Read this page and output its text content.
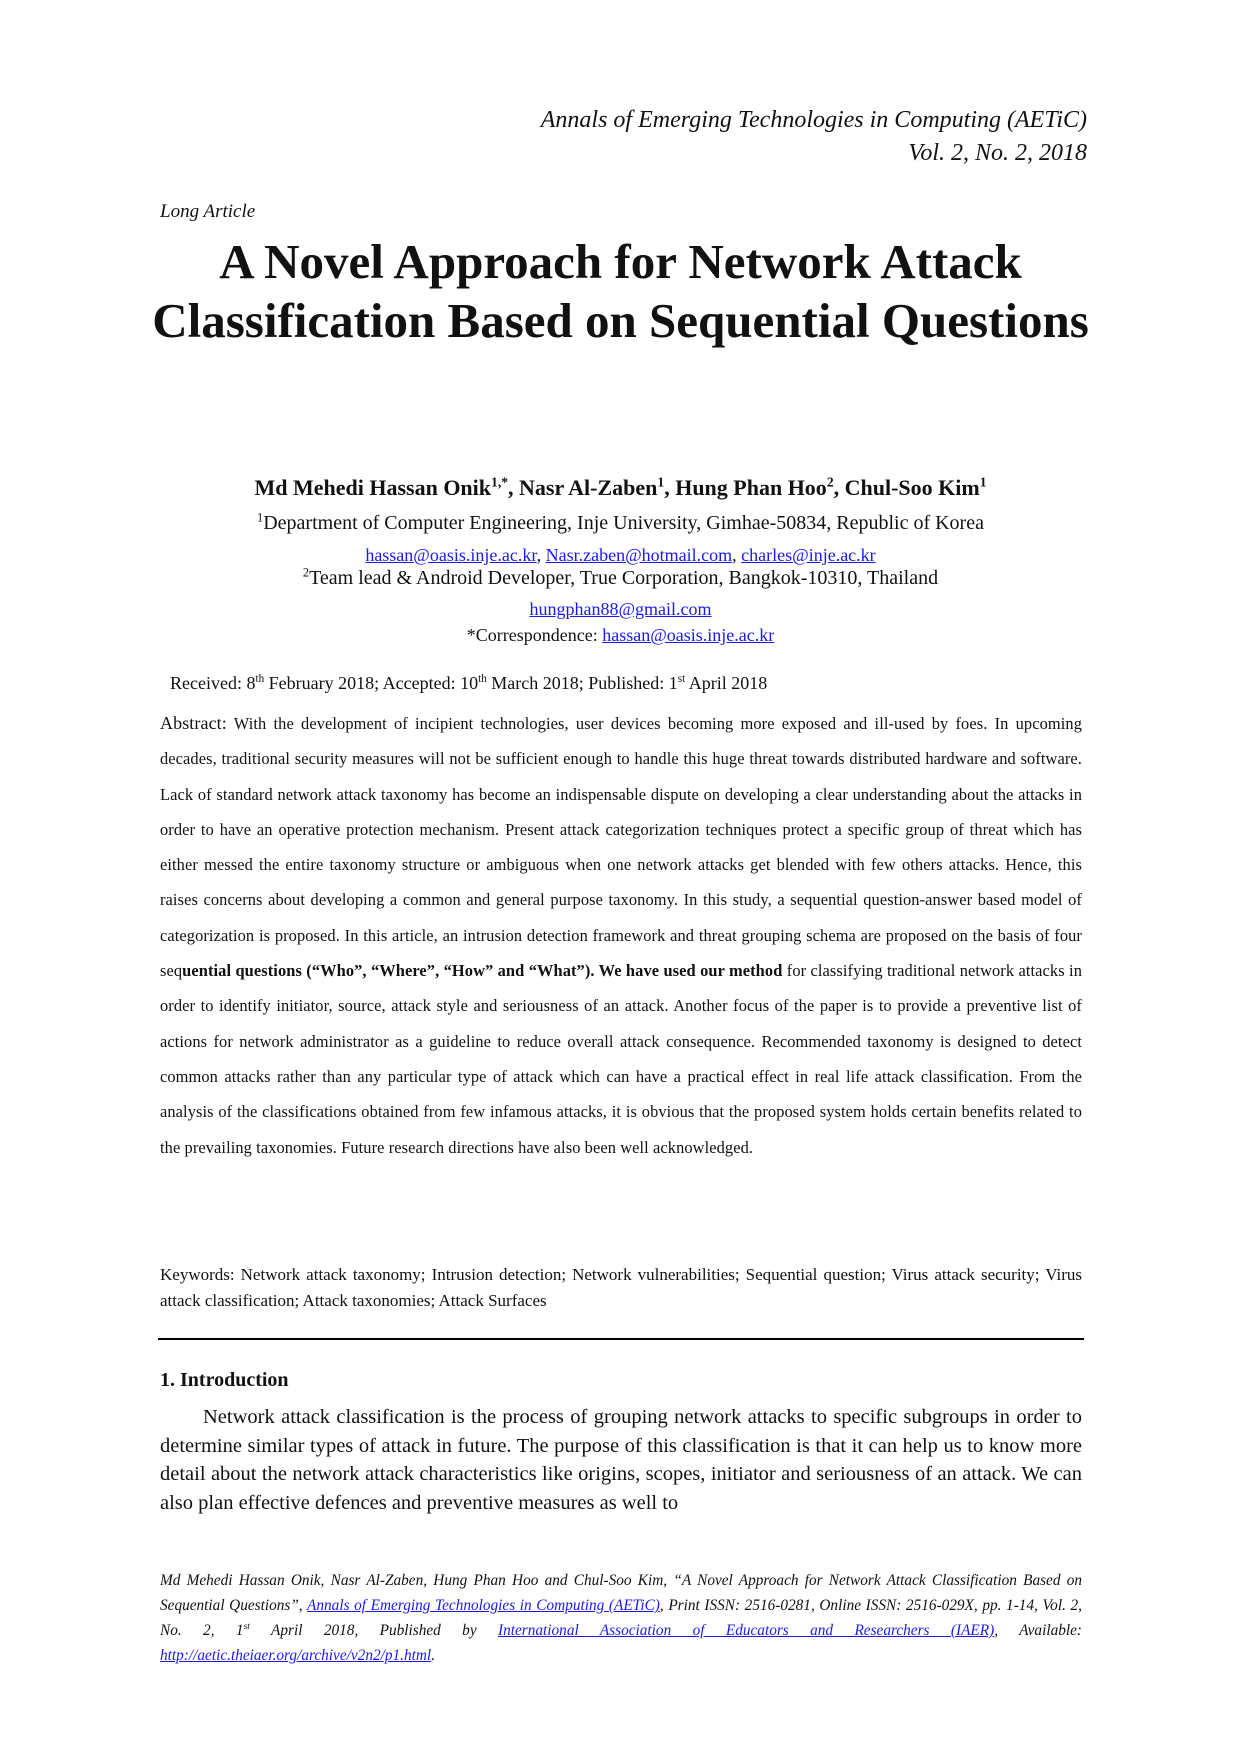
Annals of Emerging Technologies in Computing (AETiC)
Vol. 2, No. 2, 2018
Long Article
A Novel Approach for Network Attack Classification Based on Sequential Questions
Md Mehedi Hassan Onik$^{1,*}$, Nasr Al-Zaben$^1$, Hung Phan Hoo$^2$, Chul-Soo Kim$^1$
$^1$Department of Computer Engineering, Inje University, Gimhae-50834, Republic of Korea
hassan@oasis.inje.ac.kr, Nasr.zaben@hotmail.com, charles@inje.ac.kr
$^2$Team lead & Android Developer, True Corporation, Bangkok-10310, Thailand
hungphan88@gmail.com
*Correspondence: hassan@oasis.inje.ac.kr
Received: 8th February 2018; Accepted: 10th March 2018; Published: 1st April 2018

Abstract: With the development of incipient technologies, user devices becoming more exposed and ill-used by foes. In upcoming decades, traditional security measures will not be sufficient enough to handle this huge threat towards distributed hardware and software. Lack of standard network attack taxonomy has become an indispensable dispute on developing a clear understanding about the attacks in order to have an operative protection mechanism. Present attack categorization techniques protect a specific group of threat which has either messed the entire taxonomy structure or ambiguous when one network attacks get blended with few others attacks. Hence, this raises concerns about developing a common and general purpose taxonomy. In this study, a sequential question-answer based model of categorization is proposed. In this article, an intrusion detection framework and threat grouping schema are proposed on the basis of four sequential questions (“Who”, “Where”, “How” and “What”). We have used our method for classifying traditional network attacks in order to identify initiator, source, attack style and seriousness of an attack. Another focus of the paper is to provide a preventive list of actions for network administrator as a guideline to reduce overall attack consequence. Recommended taxonomy is designed to detect common attacks rather than any particular type of attack which can have a practical effect in real life attack classification. From the analysis of the classifications obtained from few infamous attacks, it is obvious that the proposed system holds certain benefits related to the prevailing taxonomies. Future research directions have also been well acknowledged.

Keywords: Network attack taxonomy; Intrusion detection; Network vulnerabilities; Sequential question; Virus attack security; Virus attack classification; Attack taxonomies; Attack Surfaces

1. Introduction

Network attack classification is the process of grouping network attacks to specific subgroups in order to determine similar types of attack in future. The purpose of this classification is that it can help us to know more detail about the network attack characteristics like origins, scopes, initiator and seriousness of an attack. We can also plan effective defences and preventive measures as well to

Md Mehedi Hassan Onik, Nasr Al-Zaben, Hung Phan Hoo and Chul-Soo Kim, “A Novel Approach for Network Attack Classification Based on Sequential Questions”, Annals of Emerging Technologies in Computing (AETiC), Print ISSN: 2516-0281, Online ISSN: 2516-029X, pp. 1-14, Vol. 2, No. 2, 1st April 2018, Published by International Association of Educators and Researchers (IAER), Available: http://aetic.theiaer.org/archive/v2n2/p1.html.
